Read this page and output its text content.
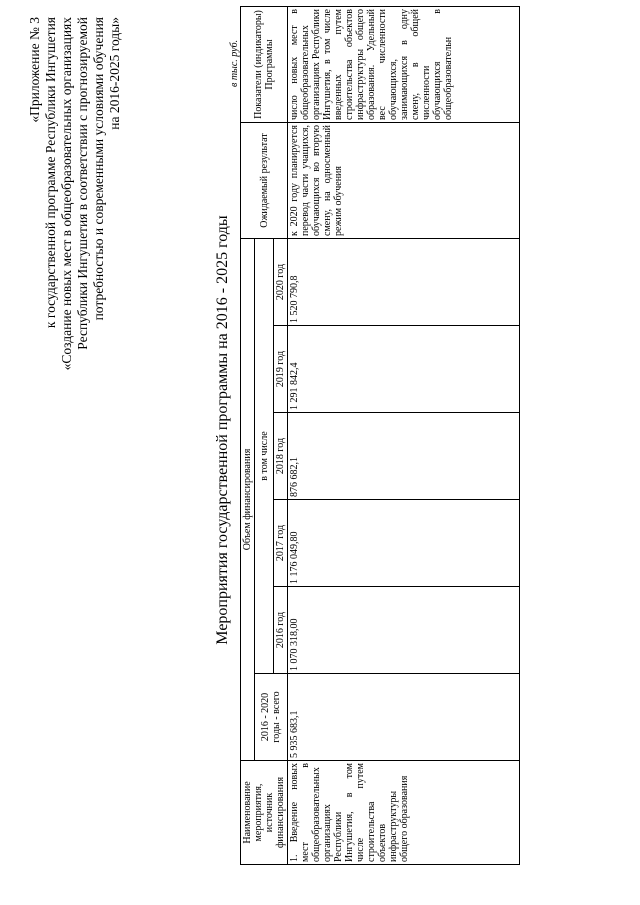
«Приложение № 3 к государственной программе Республики Ингушетия «Создание новых мест в общеобразовательных организациях Республики Ингушетия в соответствии с прогнозируемой потребностью и современными условиями обучения на 2016-2025 годы»
Мероприятия государственной программы на 2016 - 2025 годы
в тыс. руб.
Наименование мероприятия, источник финансирования	Объем финансирования						Ожидаемый результат	Показатели (индикаторы) Программы

	2016 - 2020 годы - всего	в том числе						
		2016 год	2017 год	2018 год	2019 год	2020 год		
1. Введение новых мест в общеобразовательных организациях Республики Ингушетия, в том числе путем строительства объектов инфраструктуры общего образования	5 935 683,1	1 070 318,00	1 176 049,80	876 682,1	1 291 842,4	1 520 790,8	к 2020 году планируется перевод части учащихся, обучающихся во вторую смену, на односменный режим обучения	число новых мест в общеобразовательных организациях Республики Ингушетия, в том числе введенных путем строительства объектов инфраструктуры общего образования. Удельный вес численности обучающихся, занимающихся в одну смену, в общей численности обучающихся в общеобразовательн
